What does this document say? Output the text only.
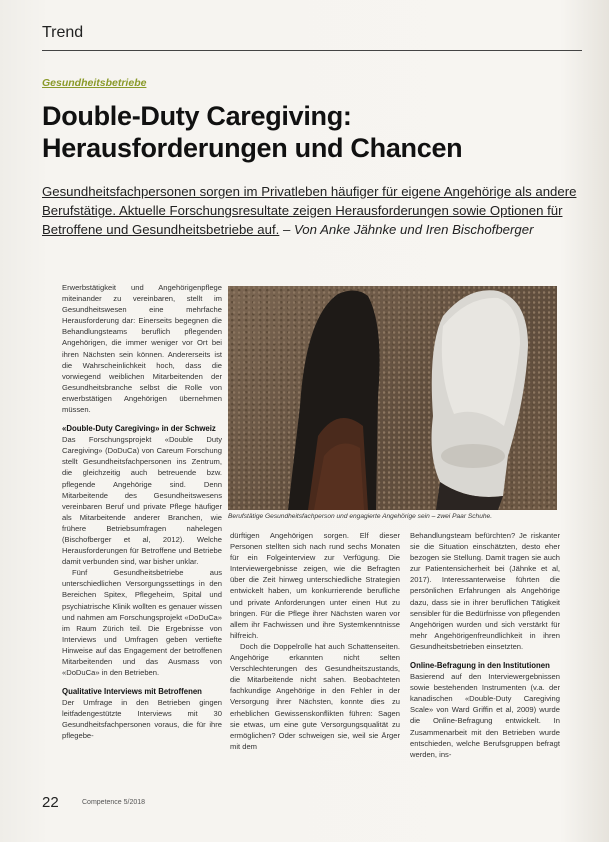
Trend
Gesundheitsbetriebe
Double-Duty Caregiving:
Herausforderungen und Chancen
Gesundheitsfachpersonen sorgen im Privatleben häufiger für eigene Angehörige als andere Berufstätige. Aktuelle Forschungsresultate zeigen Herausforderungen sowie Optionen für Betroffene und Gesundheitsbetriebe auf. – Von Anke Jähnke und Iren Bischofberger

Erwerbstätigkeit und Angehörigenpflege miteinander zu vereinbaren, stellt im Gesundheitswesen eine mehrfache Herausforderung dar: Einerseits begegnen die Behandlungsteams beruflich pflegenden Angehörigen, die immer weniger vor Ort bei ihren Nächsten sein können. Andererseits ist die Wahrscheinlichkeit hoch, dass die vorwiegend weiblichen Mitarbeitenden der Gesundheitsbranche selbst die Rolle von erwerbstätigen Angehörigen übernehmen müssen.

«Double-Duty Caregiving» in der Schweiz

Das Forschungsprojekt «Double Duty Caregiving» (DoDuCa) von Careum Forschung stellt Gesundheitsfachpersonen ins Zentrum, die gleichzeitig auch betreuende bzw. pflegende Angehörige sind. Denn Mitarbeitende des Gesundheitswesens vereinbaren Beruf und private Pflege häufiger als Mitarbeitende anderer Branchen, wie frühere Betriebsumfragen nahelegen (Bischofberger et al, 2012). Welche Herausforderungen für Betroffene und Betriebe damit verbunden sind, war bisher unklar.

Fünf Gesundheitsbetriebe aus unterschiedlichen Versorgungssettings in den Bereichen Spitex, Pflegeheim, Spital und psychiatrische Klinik wollten es genauer wissen und nahmen am Forschungsprojekt «DoDuCa» im Raum Zürich teil. Die Ergebnisse von Interviews und Umfragen geben vertiefte Hinweise auf das Engagement der betroffenen Mitarbeitenden und das Ausmass von «DoDuCa» in den Betrieben.

Qualitative Interviews mit Betroffenen

Der Umfrage in den Betrieben gingen leitfadengestützte Interviews mit 30 Gesundheitsfachpersonen voraus, die für ihre pflegebe-

Berufstätige Gesundheitsfachperson und engagierte Angehörige sein – zwei Paar Schuhe.

dürftigen Angehörigen sorgen. Elf dieser Personen stellten sich nach rund sechs Monaten für ein Folgeinterview zur Verfügung. Die Interviewergebnisse zeigen, wie die Befragten über die Zeit hinweg unterschiedliche Strategien entwickelt haben, um konkurrierende berufliche und private Anforderungen unter einen Hut zu bringen. Für die Pflege ihrer Nächsten waren vor allem ihr Fachwissen und ihre Systemkenntnisse hilfreich.

Doch die Doppelrolle hat auch Schattenseiten. Angehörige erkannten nicht selten Verschlechterungen des Gesundheitszustands, die Mitarbeitende nicht sahen. Beobachteten fachkundige Angehörige in den Fehler in der Versorgung ihrer Nächsten, konnte dies zu erheblichen Gewissenskonflikten führen: Sagen sie etwas, um eine gute Versorgungsqualität zu ermöglichen? Oder schweigen sie, weil sie Ärger mit dem

Behandlungsteam befürchten? Je riskanter sie die Situation einschätzten, desto eher bezogen sie Stellung. Damit tragen sie auch zur Patientensicherheit bei (Jähnke et al, 2017). Interessanterweise führten die persönlichen Erfahrungen als Angehörige dazu, dass sie in ihrer beruflichen Tätigkeit sensibler für die Bedürfnisse von pflegenden Angehörigen wurden und sich verstärkt für mehr Angehörigenfreundlichkeit in ihren Gesundheitsbetrieben einsetzten.

Online-Befragung in den Institutionen

Basierend auf den Interviewergebnissen sowie bestehenden Instrumenten (v.a. der kanadischen «Double-Duty Caregiving Scale» von Ward Griffin et al, 2009) wurde die Online-Befragung entwickelt. In Zusammenarbeit mit den Betrieben wurde entschieden, welche Berufsgruppen befragt werden, ins-

22	Competence 5/2018
